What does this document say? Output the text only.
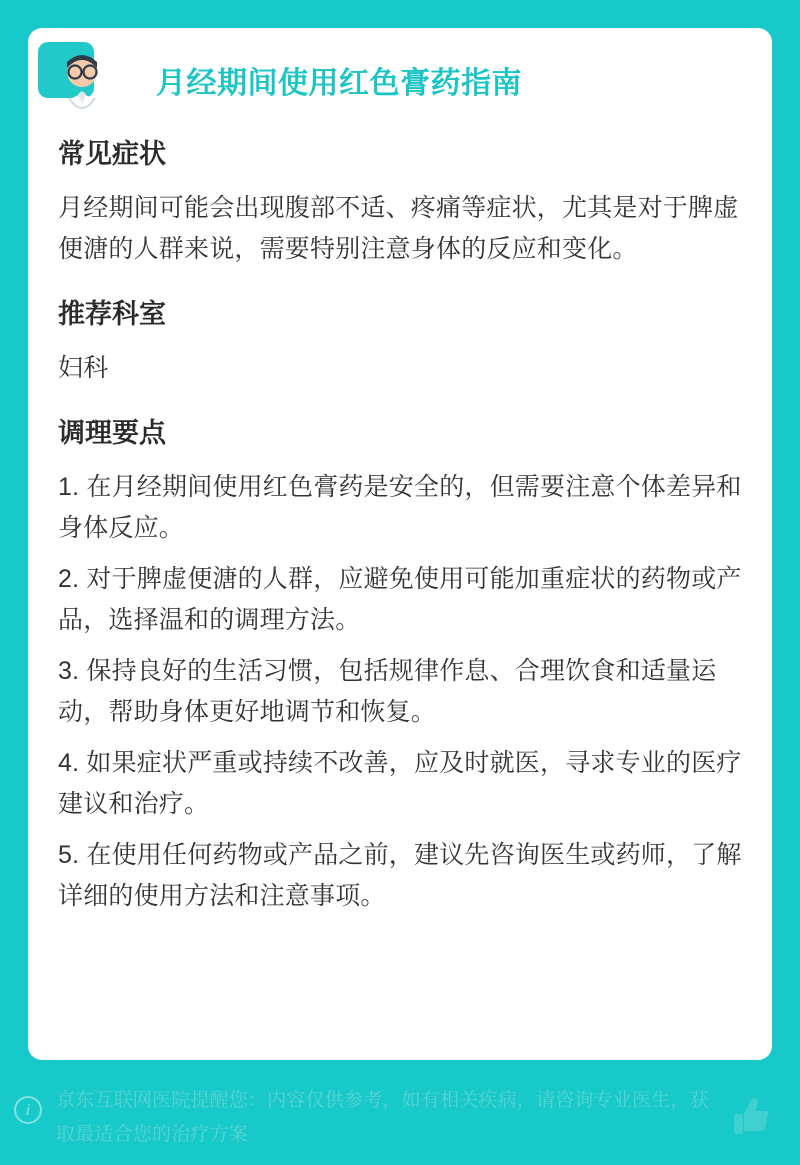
月经期间使用红色膏药指南
常见症状

月经期间可能会出现腹部不适、疼痛等症状，尤其是对于脾虚便溏的人群来说，需要特别注意身体的反应和变化。

推荐科室

妇科

调理要点

1. 在月经期间使用红色膏药是安全的，但需要注意个体差异和身体反应。

2. 对于脾虚便溏的人群，应避免使用可能加重症状的药物或产品，选择温和的调理方法。

3. 保持良好的生活习惯，包括规律作息、合理饮食和适量运动，帮助身体更好地调节和恢复。

4. 如果症状严重或持续不改善，应及时就医，寻求专业的医疗建议和治疗。

5. 在使用任何药物或产品之前，建议先咨询医生或药师，了解详细的使用方法和注意事项。

i	京东互联网医院提醒您：内容仅供参考，如有相关疾病，请咨询专业医生，获取最适合您的治疗方案
